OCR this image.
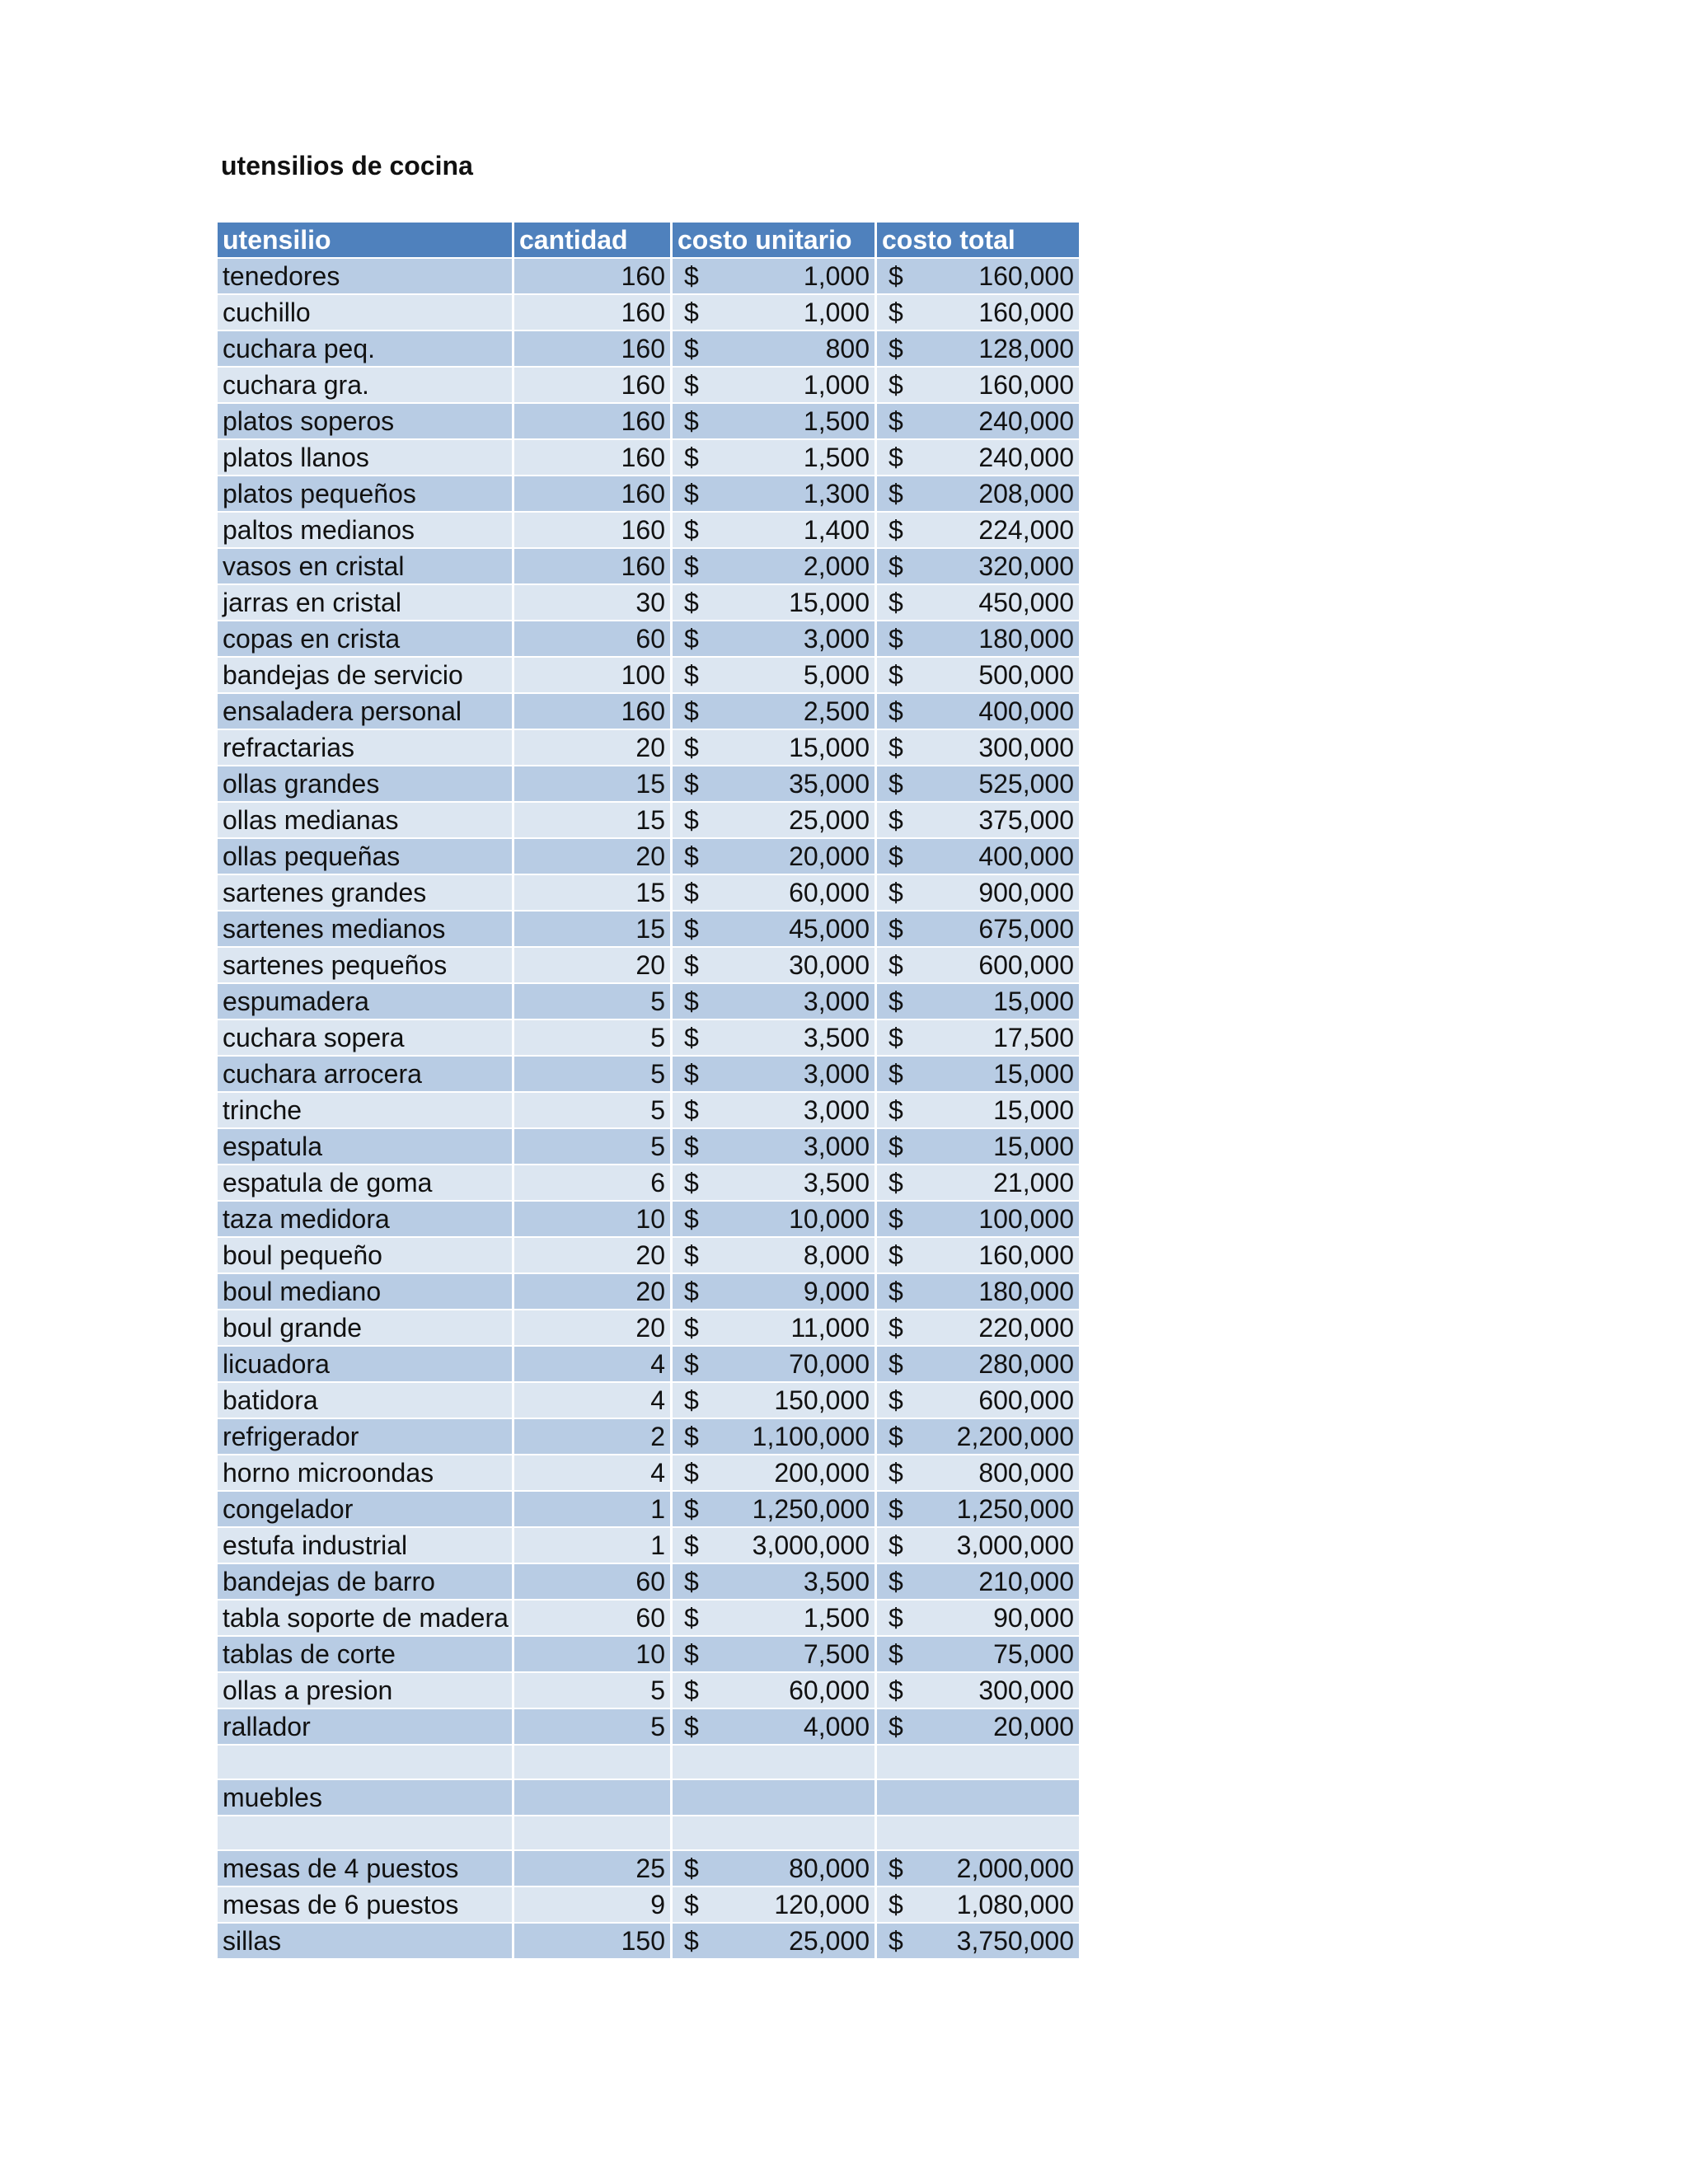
utensilios de cocina
utensilio	cantidad	costo unitario	costo total
tenedores	160	$ 1,000	$ 160,000

cuchillo	160	$ 1,000	$ 160,000

cuchara peq.	160	$ 800	$ 128,000

cuchara gra.	160	$ 1,000	$ 160,000

platos soperos	160	$ 1,500	$ 240,000

platos llanos	160	$ 1,500	$ 240,000

platos pequeños	160	$ 1,300	$ 208,000

paltos medianos	160	$ 1,400	$ 224,000

vasos en cristal	160	$ 2,000	$ 320,000

jarras en cristal	30	$ 15,000	$ 450,000

copas en crista	60	$ 3,000	$ 180,000

bandejas de servicio	100	$ 5,000	$ 500,000

ensaladera personal	160	$ 2,500	$ 400,000

refractarias	20	$ 15,000	$ 300,000

ollas grandes	15	$ 35,000	$ 525,000

ollas medianas	15	$ 25,000	$ 375,000

ollas pequeñas	20	$ 20,000	$ 400,000

sartenes grandes	15	$ 60,000	$ 900,000

sartenes medianos	15	$ 45,000	$ 675,000

sartenes pequeños	20	$ 30,000	$ 600,000

espumadera	5	$ 3,000	$ 15,000

cuchara sopera	5	$ 3,500	$ 17,500

cuchara arrocera	5	$ 3,000	$ 15,000

trinche	5	$ 3,000	$ 15,000

espatula	5	$ 3,000	$ 15,000

espatula de goma	6	$ 3,500	$ 21,000

taza medidora	10	$ 10,000	$ 100,000

boul pequeño	20	$ 8,000	$ 160,000

boul mediano	20	$ 9,000	$ 180,000

boul grande	20	$ 11,000	$ 220,000

licuadora	4	$ 70,000	$ 280,000

batidora	4	$ 150,000	$ 600,000

refrigerador	2	$ 1,100,000	$ 2,200,000

horno microondas	4	$ 200,000	$ 800,000

congelador	1	$ 1,250,000	$ 1,250,000

estufa industrial	1	$ 3,000,000	$ 3,000,000

bandejas de barro	60	$ 3,500	$ 210,000

tabla soporte de madera	60	$ 1,500	$ 90,000

tablas de corte	10	$ 7,500	$ 75,000

ollas a presion	5	$ 60,000	$ 300,000

rallador	5	$ 4,000	$ 20,000

muebles			

mesas de 4 puestos	25	$ 80,000	$ 2,000,000

mesas de 6 puestos	9	$ 120,000	$ 1,080,000

sillas	150	$ 25,000	$ 3,750,000
